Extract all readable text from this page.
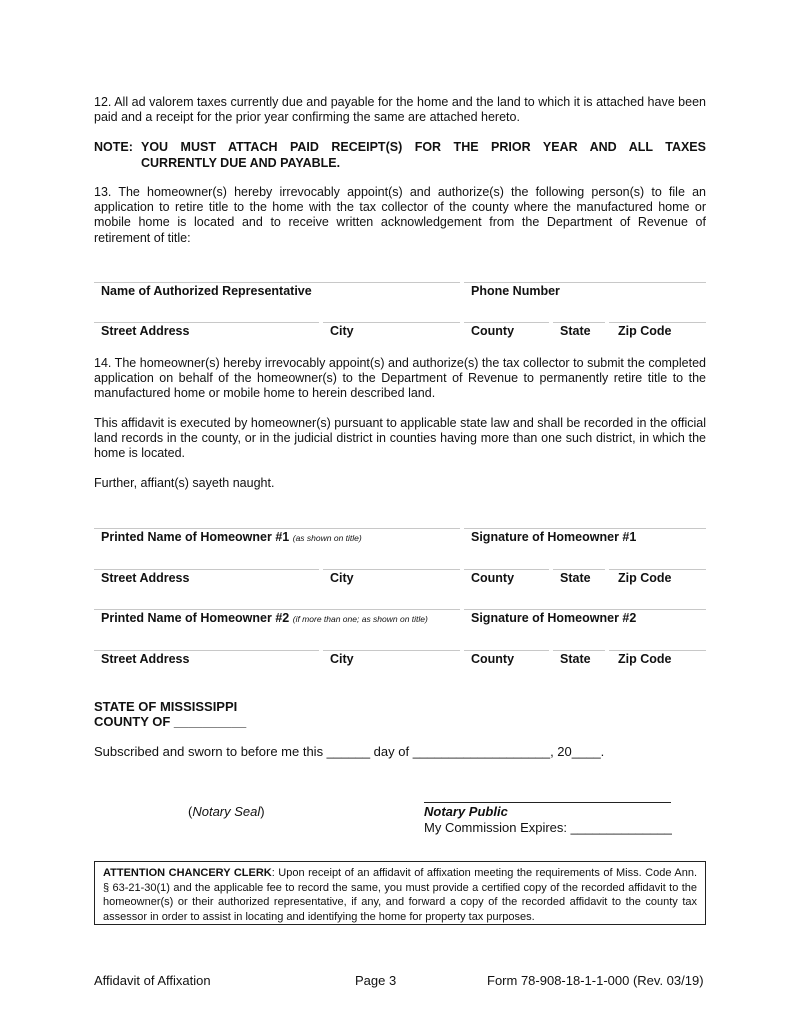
12. All ad valorem taxes currently due and payable for the home and the land to which it is attached have been paid and a receipt for the prior year confirming the same are attached hereto.
NOTE: YOU MUST ATTACH PAID RECEIPT(S) FOR THE PRIOR YEAR AND ALL TAXES
CURRENTLY DUE AND PAYABLE.
13. The homeowner(s) hereby irrevocably appoint(s) and authorize(s) the following person(s) to file an application to retire title to the home with the tax collector of the county where the manufactured home or mobile home is located and to receive written acknowledgement from the Department of Revenue of retirement of title:
Name of Authorized Representative	Phone Number
Street Address	City	County	State Zip Code
14. The homeowner(s) hereby irrevocably appoint(s) and authorize(s) the tax collector to submit the completed application on behalf of the homeowner(s) to the Department of Revenue to permanently retire title to the manufactured home or mobile home to herein described land.
This affidavit is executed by homeowner(s) pursuant to applicable state law and shall be recorded in the official land records in the county, or in the judicial district in counties having more than one such district, in which the home is located.
Further, affiant(s) sayeth naught.
Printed Name of Homeowner #1 (as shown on title)	Signature of Homeowner #1
Street Address	City	County	State Zip Code
Printed Name of Homeowner #2 (if more than one; as shown on title)	Signature of Homeowner #2
Street Address	City	County	State Zip Code
STATE OF MISSISSIPPI
COUNTY OF __________
Subscribed and sworn to before me this ______ day of ___________________, 20____.
(Notary Seal)	Notary Public
My Commission Expires: ______________
ATTENTION CHANCERY CLERK: Upon receipt of an affidavit of affixation meeting the requirements of Miss. Code Ann. § 63-21-30(1) and the applicable fee to record the same, you must provide a certified copy of the recorded affidavit to the homeowner(s) or their authorized representative, if any, and forward a copy of the recorded affidavit to the county tax assessor in order to assist in locating and identifying the home for property tax purposes.
Affidavit of Affixation	Page 3	Form 78-908-18-1-1-000 (Rev. 03/19)
